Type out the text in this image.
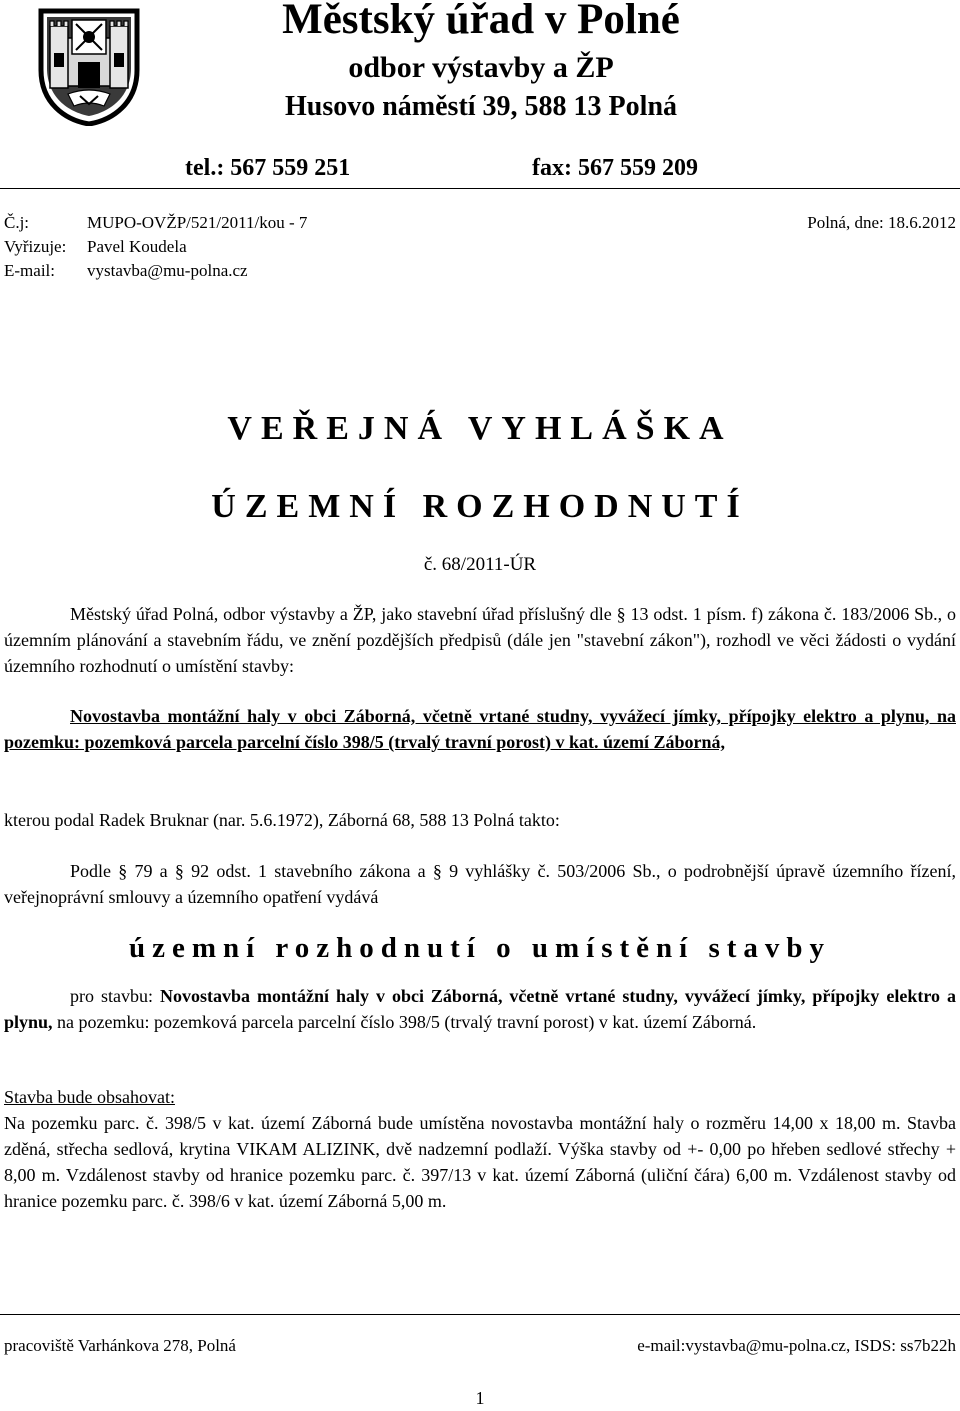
Městský úřad v Polné
odbor výstavby a ŽP
Husovo náměstí 39, 588 13 Polná
tel.: 567 559 251	fax: 567 559 209
Č.j:	MUPO-OVŽP/521/2011/kou - 7	Polná, dne: 18.6.2012
Vyřizuje: Pavel Koudela
E-mail: vystavba@mu-polna.cz
VEŘEJNÁ VYHLÁŠKA
ÚZEMNÍ ROZHODNUTÍ
č. 68/2011-ÚR
Městský úřad Polná, odbor výstavby a ŽP, jako stavební úřad příslušný dle § 13 odst. 1 písm. f) zákona č. 183/2006 Sb., o územním plánování a stavebním řádu, ve znění pozdějších předpisů (dále jen "stavební zákon"), rozhodl ve věci žádosti o vydání územního rozhodnutí o umístění stavby:
Novostavba montážní haly v obci Záborná, včetně vrtané studny, vyvážecí jímky, přípojky elektro a plynu, na pozemku: pozemková parcela parcelní číslo 398/5 (trvalý travní porost) v kat. území Záborná,
kterou podal Radek Bruknar (nar. 5.6.1972), Záborná 68, 588 13 Polná takto:
Podle § 79 a § 92 odst. 1 stavebního zákona a § 9 vyhlášky č. 503/2006 Sb., o podrobnější úpravě územního řízení, veřejnoprávní smlouvy a územního opatření vydává
územní rozhodnutí o umístění stavby
pro stavbu: Novostavba montážní haly v obci Záborná, včetně vrtané studny, vyvážecí jímky, přípojky elektro a plynu, na pozemku: pozemková parcela parcelní číslo 398/5 (trvalý travní porost) v kat. území Záborná.
Stavba bude obsahovat:
Na pozemku parc. č. 398/5 v kat. území Záborná bude umístěna novostavba montážní haly o rozměru 14,00 x 18,00 m. Stavba zděná, střecha sedlová, krytina VIKAM ALIZINK, dvě nadzemní podlaží. Výška stavby od +- 0,00 po hřeben sedlové střechy + 8,00 m. Vzdálenost stavby od hranice pozemku parc. č. 397/13 v kat. území Záborná (uliční čára) 6,00 m. Vzdálenost stavby od hranice pozemku parc. č. 398/6 v kat. území Záborná 5,00 m.
pracoviště Varhánkova 278, Polná	e-mail:vystavba@mu-polna.cz, ISDS: ss7b22h
1
